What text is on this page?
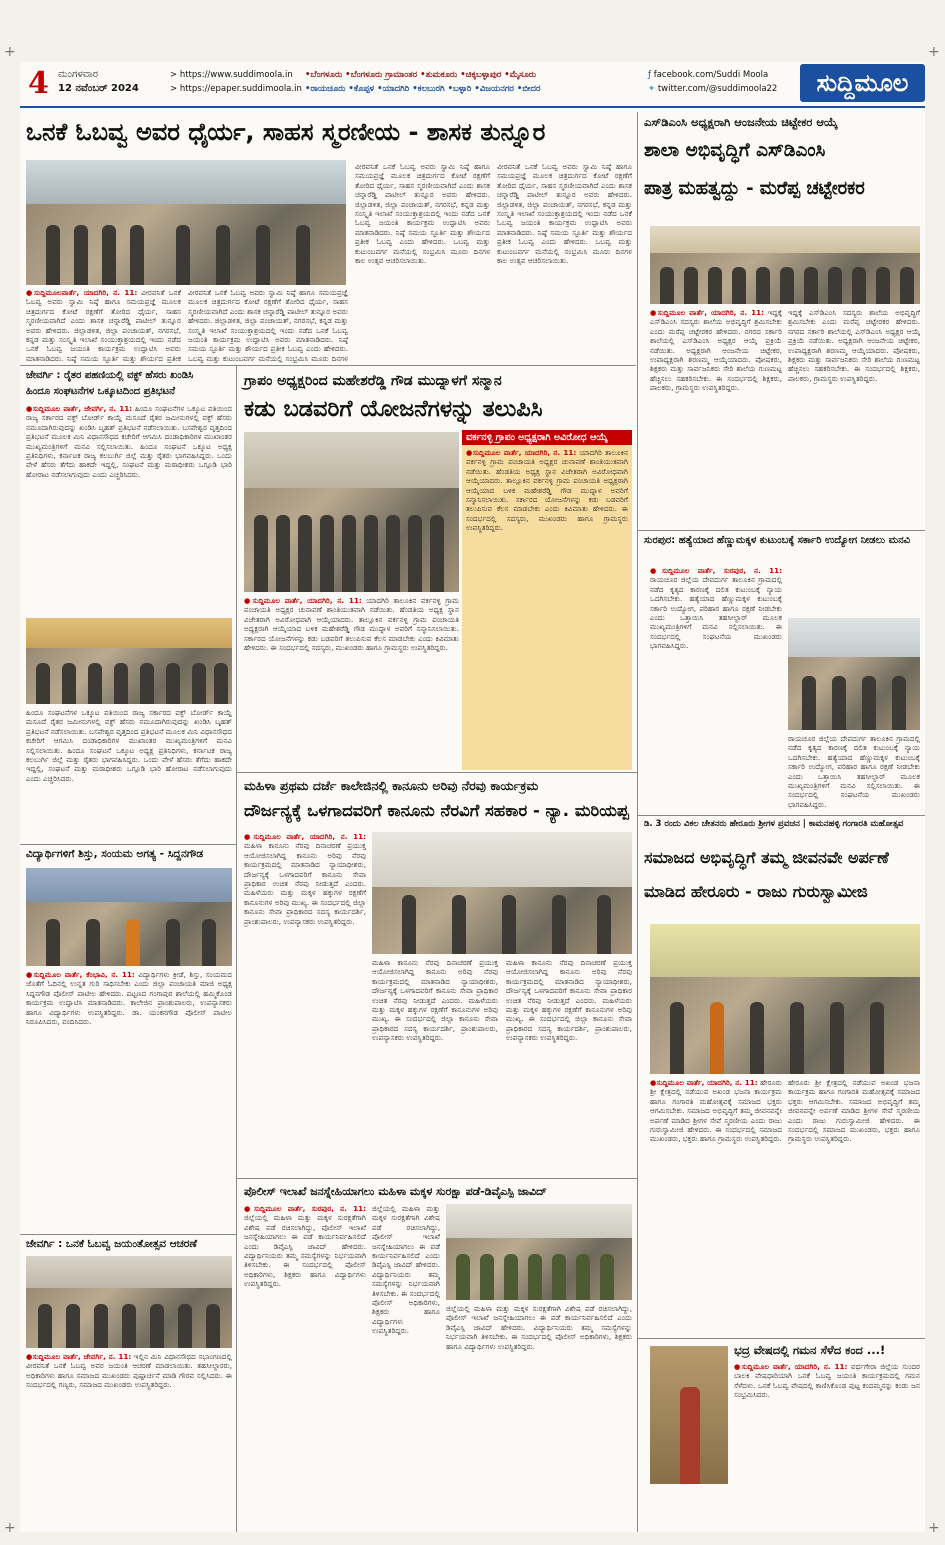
4 ಮಂಗಳವಾರ
12 ನವೆಂಬರ್ 2024
> https://www.suddimoola.in
> https://epaper.suddimoola.in
•ಬೆಂಗಳೂರು •ಬೆಂಗಳೂರು ಗ್ರಾಮಾಂತರ •ತುಮಕೂರು •ಚಿಕ್ಕಬಳ್ಳಾಪುರ •ಮೈಸೂರು
•ರಾಯಚೂರು •ಕೊಪ್ಪಳ •ಯಾದಗಿರಿ •ಕಲಬುರಗಿ •ಬಳ್ಳಾರಿ •ವಿಜಯನಗರ •ಬೀದರ
ƒ facebook.com/Suddi Moola
✦ twitter.com/@suddimoola22	ಸುದ್ದಿಮೂಲ
ಒನಕೆ ಓಬವ್ವ ಅವರ ಧೈರ್ಯ, ಸಾಹಸ ಸ್ಮರಣೀಯ - ಶಾಸಕ ತುನ್ನೂರ
●ಸುದ್ದಿಮೂಲವಾರ್ತೆ, ಯಾದಗಿರಿ, ನ. 11: ವೀರವನಿತೆ ಒನಕೆ ಓಬವ್ವ ಅವರು ಸ್ವಾಮಿ ನಿಷ್ಠೆ ಹಾಗೂ ಸಮಯಪ್ರಜ್ಞೆ ಮೂಲಕ ಚಿತ್ರದುರ್ಗದ ಕೋಟೆ ರಕ್ಷಣೆಗೆ ತೋರಿದ ಧೈರ್ಯ, ಸಾಹಸ ಸ್ಮರಣೀಯವಾಗಿದೆ ಎಂದು ಶಾಸಕ ಚನ್ನಾರೆಡ್ಡಿ ಪಾಟೀಲ್ ತುನ್ನೂರ ಅವರು ಹೇಳಿದರು. ಜಿಲ್ಲಾಡಳಿತ, ಜಿಲ್ಲಾ ಪಂಚಾಯತ್, ನಗರಸಭೆ, ಕನ್ನಡ ಮತ್ತು ಸಂಸ್ಕೃತಿ ಇಲಾಖೆ ಸಂಯುಕ್ತಾಶ್ರಯದಲ್ಲಿ ಇಂದು ನಡೆದ ಒನಕೆ ಓಬವ್ವ ಜಯಂತಿ ಕಾರ್ಯಕ್ರಮ ಉದ್ಘಾಟಿಸಿ ಅವರು ಮಾತನಾಡಿದರು. ನಿಷ್ಠೆ ಸಮಯ ಸ್ಫೂರ್ತಿ ಮತ್ತು ಶೌರ್ಯದ ಪ್ರತೀಕ
ವೀರವನಿತೆ ಒನಕೆ ಓಬವ್ವ ಅವರು ಸ್ವಾಮಿ ನಿಷ್ಠೆ ಹಾಗೂ ಸಮಯಪ್ರಜ್ಞೆ ಮೂಲಕ ಚಿತ್ರದುರ್ಗದ ಕೋಟೆ ರಕ್ಷಣೆಗೆ ತೋರಿದ ಧೈರ್ಯ, ಸಾಹಸ ಸ್ಮರಣೀಯವಾಗಿದೆ ಎಂದು ಶಾಸಕ ಚನ್ನಾರೆಡ್ಡಿ ಪಾಟೀಲ್ ತುನ್ನೂರ ಅವರು ಹೇಳಿದರು. ಜಿಲ್ಲಾಡಳಿತ, ಜಿಲ್ಲಾ ಪಂಚಾಯತ್, ನಗರಸಭೆ, ಕನ್ನಡ ಮತ್ತು ಸಂಸ್ಕೃತಿ ಇಲಾಖೆ ಸಂಯುಕ್ತಾಶ್ರಯದಲ್ಲಿ ಇಂದು ನಡೆದ ಒನಕೆ ಓಬವ್ವ ಜಯಂತಿ ಕಾರ್ಯಕ್ರಮ ಉದ್ಘಾಟಿಸಿ ಅವರು ಮಾತನಾಡಿದರು. ನಿಷ್ಠೆ ಸಮಯ ಸ್ಫೂರ್ತಿ ಮತ್ತು ಶೌರ್ಯದ ಪ್ರತೀಕ ಓಬವ್ವ ಎಂದು ಹೇಳಿದರು. ಒಬವ್ವ ಮತ್ತು ಕುಟುಂಬವರ್ಗ ಮನೆಯಲ್ಲಿ ಸಂಭ್ರಮಿಸಿ ಮೂರು ದಿನಗಳ
ವೀರವನಿತೆ ಒನಕೆ ಓಬವ್ವ ಅವರು ಸ್ವಾಮಿ ನಿಷ್ಠೆ ಹಾಗೂ ಸಮಯಪ್ರಜ್ಞೆ ಮೂಲಕ ಚಿತ್ರದುರ್ಗದ ಕೋಟೆ ರಕ್ಷಣೆಗೆ ತೋರಿದ ಧೈರ್ಯ, ಸಾಹಸ ಸ್ಮರಣೀಯವಾಗಿದೆ ಎಂದು ಶಾಸಕ ಚನ್ನಾರೆಡ್ಡಿ ಪಾಟೀಲ್ ತುನ್ನೂರ ಅವರು ಹೇಳಿದರು. ಜಿಲ್ಲಾಡಳಿತ, ಜಿಲ್ಲಾ ಪಂಚಾಯತ್, ನಗರಸಭೆ, ಕನ್ನಡ ಮತ್ತು ಸಂಸ್ಕೃತಿ ಇಲಾಖೆ ಸಂಯುಕ್ತಾಶ್ರಯದಲ್ಲಿ ಇಂದು ನಡೆದ ಒನಕೆ ಓಬವ್ವ ಜಯಂತಿ ಕಾರ್ಯಕ್ರಮ ಉದ್ಘಾಟಿಸಿ ಅವರು ಮಾತನಾಡಿದರು. ನಿಷ್ಠೆ ಸಮಯ ಸ್ಫೂರ್ತಿ ಮತ್ತು ಶೌರ್ಯದ ಪ್ರತೀಕ ಓಬವ್ವ ಎಂದು ಹೇಳಿದರು. ಒಬವ್ವ ಮತ್ತು ಕುಟುಂಬವರ್ಗ ಮನೆಯಲ್ಲಿ ಸಂಭ್ರಮಿಸಿ ಮೂರು ದಿನಗಳ ಕಾಲ ಉತ್ಸವ ಆಚರಿಸಲಾಯಿತು.
ವೀರವನಿತೆ ಒನಕೆ ಓಬವ್ವ ಅವರು ಸ್ವಾಮಿ ನಿಷ್ಠೆ ಹಾಗೂ ಸಮಯಪ್ರಜ್ಞೆ ಮೂಲಕ ಚಿತ್ರದುರ್ಗದ ಕೋಟೆ ರಕ್ಷಣೆಗೆ ತೋರಿದ ಧೈರ್ಯ, ಸಾಹಸ ಸ್ಮರಣೀಯವಾಗಿದೆ ಎಂದು ಶಾಸಕ ಚನ್ನಾರೆಡ್ಡಿ ಪಾಟೀಲ್ ತುನ್ನೂರ ಅವರು ಹೇಳಿದರು. ಜಿಲ್ಲಾಡಳಿತ, ಜಿಲ್ಲಾ ಪಂಚಾಯತ್, ನಗರಸಭೆ, ಕನ್ನಡ ಮತ್ತು ಸಂಸ್ಕೃತಿ ಇಲಾಖೆ ಸಂಯುಕ್ತಾಶ್ರಯದಲ್ಲಿ ಇಂದು ನಡೆದ ಒನಕೆ ಓಬವ್ವ ಜಯಂತಿ ಕಾರ್ಯಕ್ರಮ ಉದ್ಘಾಟಿಸಿ ಅವರು ಮಾತನಾಡಿದರು. ನಿಷ್ಠೆ ಸಮಯ ಸ್ಫೂರ್ತಿ ಮತ್ತು ಶೌರ್ಯದ ಪ್ರತೀಕ ಓಬವ್ವ ಎಂದು ಹೇಳಿದರು. ಒಬವ್ವ ಮತ್ತು ಕುಟುಂಬವರ್ಗ ಮನೆಯಲ್ಲಿ ಸಂಭ್ರಮಿಸಿ ಮೂರು ದಿನಗಳ ಕಾಲ ಉತ್ಸವ ಆಚರಿಸಲಾಯಿತು.
ಎಸ್‌ಡಿಎಂಸಿ ಅಧ್ಯಕ್ಷರಾಗಿ ಆಂಜನೇಯ ಚಿಟ್ಟೇಕರ ಆಯ್ಕೆ
ಶಾಲಾ ಅಭಿವೃದ್ಧಿಗೆ ಎಸ್‌ಡಿಎಂಸಿ
ಪಾತ್ರ ಮಹತ್ವದ್ದು - ಮರೆಪ್ಪ ಚಟ್ಟೇರಕರ
●ಸುದ್ದಿಮೂಲ ವಾರ್ತೆ, ಯಾದಗಿರಿ, ನ. 11: ಇದ್ದಕ್ಕೆ ಎಸ್‌ಡಿಎಂಸಿ ಸದಸ್ಯರು ಶಾಲೆಯ ಅಭಿವೃದ್ಧಿಗೆ ಶ್ರಮಿಸಬೇಕು ಎಂದು ಮರೆಪ್ಪ ಚಟ್ಟೇರಕರ ಹೇಳಿದರು. ನಗರದ ಸರ್ಕಾರಿ ಶಾಲೆಯಲ್ಲಿ ಎಸ್‌ಡಿಎಂಸಿ ಅಧ್ಯಕ್ಷರ ಆಯ್ಕೆ ಪ್ರಕ್ರಿಯೆ ನಡೆಯಿತು. ಅಧ್ಯಕ್ಷರಾಗಿ ಆಂಜನೇಯ ಚಿಟ್ಟೇಕರ, ಉಪಾಧ್ಯಕ್ಷರಾಗಿ ಶರಣಮ್ಮ ಆಯ್ಕೆಯಾದರು. ಪೋಷಕರು, ಶಿಕ್ಷಕರು ಮತ್ತು ಸಾರ್ವಜನಿಕರು ಸೇರಿ ಶಾಲೆಯ ಗುಣಮಟ್ಟ ಹೆಚ್ಚಿಸಲು ಸಹಕರಿಸಬೇಕು. ಈ ಸಂದರ್ಭದಲ್ಲಿ ಶಿಕ್ಷಕರು, ಪಾಲಕರು, ಗ್ರಾಮಸ್ಥರು ಉಪಸ್ಥಿತರಿದ್ದರು.
ಇದ್ದಕ್ಕೆ ಎಸ್‌ಡಿಎಂಸಿ ಸದಸ್ಯರು ಶಾಲೆಯ ಅಭಿವೃದ್ಧಿಗೆ ಶ್ರಮಿಸಬೇಕು ಎಂದು ಮರೆಪ್ಪ ಚಟ್ಟೇರಕರ ಹೇಳಿದರು. ನಗರದ ಸರ್ಕಾರಿ ಶಾಲೆಯಲ್ಲಿ ಎಸ್‌ಡಿಎಂಸಿ ಅಧ್ಯಕ್ಷರ ಆಯ್ಕೆ ಪ್ರಕ್ರಿಯೆ ನಡೆಯಿತು. ಅಧ್ಯಕ್ಷರಾಗಿ ಆಂಜನೇಯ ಚಿಟ್ಟೇಕರ, ಉಪಾಧ್ಯಕ್ಷರಾಗಿ ಶರಣಮ್ಮ ಆಯ್ಕೆಯಾದರು. ಪೋಷಕರು, ಶಿಕ್ಷಕರು ಮತ್ತು ಸಾರ್ವಜನಿಕರು ಸೇರಿ ಶಾಲೆಯ ಗುಣಮಟ್ಟ ಹೆಚ್ಚಿಸಲು ಸಹಕರಿಸಬೇಕು. ಈ ಸಂದರ್ಭದಲ್ಲಿ ಶಿಕ್ಷಕರು, ಪಾಲಕರು, ಗ್ರಾಮಸ್ಥರು ಉಪಸ್ಥಿತರಿದ್ದರು.
ಜೇವರ್ಗಿ : ರೈತರ ಪಹಣಿಯಲ್ಲಿ ವಕ್ಫ್ ಹೆಸರು ಖಂಡಿಸಿ
ಹಿಂದೂ ಸಂಘಟನೆಗಳ ಒಕ್ಕೂಟದಿಂದ ಪ್ರತಿಭಟನೆ
●ಸುದ್ದಿಮೂಲ ವಾರ್ತೆ, ಜೇವರ್ಗಿ, ನ. 11: ಹಿಂದೂ ಸಂಘಟನೆಗಳ ಒಕ್ಕೂಟ ವತಿಯಿಂದ ರಾಜ್ಯ ಸರ್ಕಾರದ ವಕ್ಫ್ ಬೋರ್ಡ್ ಕಾಯ್ದೆ ಮಸೂದೆ ರೈತರ ಜಮೀನುಗಳಲ್ಲಿ ವಕ್ಫ್ ಹೆಸರು ನಮೂದಾಗಿರುವುದನ್ನು ಖಂಡಿಸಿ ಬೃಹತ್ ಪ್ರತಿಭಟನೆ ನಡೆಸಲಾಯಿತು. ಬಸವೇಶ್ವರ ವೃತ್ತದಿಂದ ಪ್ರತಿಭಟನೆ ಮೂಲಕ ಮಿನಿ ವಿಧಾನಸೌಧದ ಕಚೇರಿಗೆ ಆಗಮಿಸಿ ದಂಡಾಧಿಕಾರಿಗಳ ಮುಖಾಂತರ ಮುಖ್ಯಮಂತ್ರಿಗಳಿಗೆ ಮನವಿ ಸಲ್ಲಿಸಲಾಯಿತು. ಹಿಂದೂ ಸಂಘಟನೆ ಒಕ್ಕೂಟ ಅಧ್ಯಕ್ಷ ಪ್ರತಿನಿಧಿಗಳು, ಕರ್ನಾಟಕ ರಾಜ್ಯ ಕಲಬುರ್ಗಿ ಜಿಲ್ಲೆ ಮತ್ತು ರೈತರು ಭಾಗವಹಿಸಿದ್ದರು. ಒಂದು ವೇಳೆ ಹೆಸರು ತೆಗೆದು ಹಾಕದೇ ಇದ್ದಲ್ಲಿ, ಸಂಘಟನೆ ಮತ್ತು ಮಠಾಧೀಶರು ಒಗ್ಗೂಡಿ ಭಾರಿ ಹೋರಾಟ ನಡೆಸಲಾಗುವುದು ಎಂದು ಎಚ್ಚರಿಸಿದರು.
ಹಿಂದೂ ಸಂಘಟನೆಗಳ ಒಕ್ಕೂಟ ವತಿಯಿಂದ ರಾಜ್ಯ ಸರ್ಕಾರದ ವಕ್ಫ್ ಬೋರ್ಡ್ ಕಾಯ್ದೆ ಮಸೂದೆ ರೈತರ ಜಮೀನುಗಳಲ್ಲಿ ವಕ್ಫ್ ಹೆಸರು ನಮೂದಾಗಿರುವುದನ್ನು ಖಂಡಿಸಿ ಬೃಹತ್ ಪ್ರತಿಭಟನೆ ನಡೆಸಲಾಯಿತು. ಬಸವೇಶ್ವರ ವೃತ್ತದಿಂದ ಪ್ರತಿಭಟನೆ ಮೂಲಕ ಮಿನಿ ವಿಧಾನಸೌಧದ ಕಚೇರಿಗೆ ಆಗಮಿಸಿ ದಂಡಾಧಿಕಾರಿಗಳ ಮುಖಾಂತರ ಮುಖ್ಯಮಂತ್ರಿಗಳಿಗೆ ಮನವಿ ಸಲ್ಲಿಸಲಾಯಿತು. ಹಿಂದೂ ಸಂಘಟನೆ ಒಕ್ಕೂಟ ಅಧ್ಯಕ್ಷ ಪ್ರತಿನಿಧಿಗಳು, ಕರ್ನಾಟಕ ರಾಜ್ಯ ಕಲಬುರ್ಗಿ ಜಿಲ್ಲೆ ಮತ್ತು ರೈತರು ಭಾಗವಹಿಸಿದ್ದರು. ಒಂದು ವೇಳೆ ಹೆಸರು ತೆಗೆದು ಹಾಕದೇ ಇದ್ದಲ್ಲಿ, ಸಂಘಟನೆ ಮತ್ತು ಮಠಾಧೀಶರು ಒಗ್ಗೂಡಿ ಭಾರಿ ಹೋರಾಟ ನಡೆಸಲಾಗುವುದು ಎಂದು ಎಚ್ಚರಿಸಿದರು.
ಗ್ರಾಪಂ ಅಧ್ಯಕ್ಷರಿಂದ ಮಹೇಶರೆಡ್ಡಿ ಗೌಡ ಮುದ್ನಾಳಗೆ ಸನ್ಮಾನ
ಕಡು ಬಡವರಿಗೆ ಯೋಜನೆಗಳನ್ನು ತಲುಪಿಸಿ
ವರ್ಕನಳ್ಳಿ ಗ್ರಾಪಂ ಅಧ್ಯಕ್ಷರಾಗಿ ಅವಿರೋಧ ಆಯ್ಕೆ
●ಸುದ್ದಿಮೂಲ ವಾರ್ತೆ, ಯಾದಗಿರಿ, ನ. 11: ಯಾದಗಿರಿ ತಾಲೂಕಿನ ವರ್ಕನಳ್ಳಿ ಗ್ರಾಮ ಪಂಚಾಯತಿ ಅಧ್ಯಕ್ಷರ ಚುನಾವಣೆ ಶಾಂತಿಯುತವಾಗಿ ನಡೆಯಿತು. ಹೆಂಡತಿಯ ಅಧ್ಯಕ್ಷ ಸ್ಥಾನ ವಿಜೇತರಾಗಿ ಅವಿರೋಧವಾಗಿ ಆಯ್ಕೆಯಾದರು. ತಾಲ್ಲೂಕಿನ ವರ್ಕನಳ್ಳಿ ಗ್ರಾಮ ಪಂಚಾಯತಿ ಅಧ್ಯಕ್ಷರಾಗಿ ಆಯ್ಕೆಯಾದ ಬಳಿಕ ಮಹೇಶರೆಡ್ಡಿ ಗೌಡ ಮುದ್ನಾಳ ಅವರಿಗೆ ಸನ್ಮಾನಿಸಲಾಯಿತು. ಸರ್ಕಾರದ ಯೋಜನೆಗಳನ್ನು ಕಡು ಬಡವರಿಗೆ ತಲುಪಿಸುವ ಕೆಲಸ ಮಾಡಬೇಕು ಎಂದು ಕಿವಿಮಾತು ಹೇಳಿದರು. ಈ ಸಂದರ್ಭದಲ್ಲಿ ಸದಸ್ಯರು, ಮುಖಂಡರು ಹಾಗೂ ಗ್ರಾಮಸ್ಥರು ಉಪಸ್ಥಿತರಿದ್ದರು.
●ಸುದ್ದಿಮೂಲ ವಾರ್ತೆ, ಯಾದಗಿರಿ, ನ. 11: ಯಾದಗಿರಿ ತಾಲೂಕಿನ ವರ್ಕನಳ್ಳಿ ಗ್ರಾಮ ಪಂಚಾಯತಿ ಅಧ್ಯಕ್ಷರ ಚುನಾವಣೆ ಶಾಂತಿಯುತವಾಗಿ ನಡೆಯಿತು. ಹೆಂಡತಿಯ ಅಧ್ಯಕ್ಷ ಸ್ಥಾನ ವಿಜೇತರಾಗಿ ಅವಿರೋಧವಾಗಿ ಆಯ್ಕೆಯಾದರು. ತಾಲ್ಲೂಕಿನ ವರ್ಕನಳ್ಳಿ ಗ್ರಾಮ ಪಂಚಾಯತಿ ಅಧ್ಯಕ್ಷರಾಗಿ ಆಯ್ಕೆಯಾದ ಬಳಿಕ ಮಹೇಶರೆಡ್ಡಿ ಗೌಡ ಮುದ್ನಾಳ ಅವರಿಗೆ ಸನ್ಮಾನಿಸಲಾಯಿತು. ಸರ್ಕಾರದ ಯೋಜನೆಗಳನ್ನು ಕಡು ಬಡವರಿಗೆ ತಲುಪಿಸುವ ಕೆಲಸ ಮಾಡಬೇಕು ಎಂದು ಕಿವಿಮಾತು ಹೇಳಿದರು. ಈ ಸಂದರ್ಭದಲ್ಲಿ ಸದಸ್ಯರು, ಮುಖಂಡರು ಹಾಗೂ ಗ್ರಾಮಸ್ಥರು ಉಪಸ್ಥಿತರಿದ್ದರು.
ಸುರಪುರ: ಹತ್ಯೆಯಾದ ಹೆಣ್ಣುಮಕ್ಕಳ ಕುಟುಂಬಕ್ಕೆ ಸರ್ಕಾರಿ ಉದ್ಯೋಗ ನೀಡಲು ಮನವಿ
●ಸುದ್ದಿಮೂಲ ವಾರ್ತೆ, ಸುರಪುರ, ನ. 11: ರಾಯಚೂರ ಜಿಲ್ಲೆಯ ದೇವದುರ್ಗ ತಾಲೂಕಿನ ಗ್ರಾಮದಲ್ಲಿ ನಡೆದ ಕೃತ್ಯದ ಕಾರಣಕ್ಕೆ ದಲಿತ ಕುಟುಂಬಕ್ಕೆ ನ್ಯಾಯ ಒದಗಿಸಬೇಕು. ಹತ್ಯೆಯಾದ ಹೆಣ್ಣುಮಕ್ಕಳ ಕುಟುಂಬಕ್ಕೆ ಸರ್ಕಾರಿ ಉದ್ಯೋಗ, ಪರಿಹಾರ ಹಾಗೂ ರಕ್ಷಣೆ ನೀಡಬೇಕು ಎಂದು ಒತ್ತಾಯಿಸಿ ತಹಸೀಲ್ದಾರ್ ಮೂಲಕ ಮುಖ್ಯಮಂತ್ರಿಗಳಿಗೆ ಮನವಿ ಸಲ್ಲಿಸಲಾಯಿತು. ಈ ಸಂದರ್ಭದಲ್ಲಿ ಸಂಘಟನೆಯ ಮುಖಂಡರು ಭಾಗವಹಿಸಿದ್ದರು.
ರಾಯಚೂರ ಜಿಲ್ಲೆಯ ದೇವದುರ್ಗ ತಾಲೂಕಿನ ಗ್ರಾಮದಲ್ಲಿ ನಡೆದ ಕೃತ್ಯದ ಕಾರಣಕ್ಕೆ ದಲಿತ ಕುಟುಂಬಕ್ಕೆ ನ್ಯಾಯ ಒದಗಿಸಬೇಕು. ಹತ್ಯೆಯಾದ ಹೆಣ್ಣುಮಕ್ಕಳ ಕುಟುಂಬಕ್ಕೆ ಸರ್ಕಾರಿ ಉದ್ಯೋಗ, ಪರಿಹಾರ ಹಾಗೂ ರಕ್ಷಣೆ ನೀಡಬೇಕು ಎಂದು ಒತ್ತಾಯಿಸಿ ತಹಸೀಲ್ದಾರ್ ಮೂಲಕ ಮುಖ್ಯಮಂತ್ರಿಗಳಿಗೆ ಮನವಿ ಸಲ್ಲಿಸಲಾಯಿತು. ಈ ಸಂದರ್ಭದಲ್ಲಿ ಸಂಘಟನೆಯ ಮುಖಂಡರು ಭಾಗವಹಿಸಿದ್ದರು.
ವಿದ್ಯಾರ್ಥಿಗಳಿಗೆ ಶಿಸ್ತು, ಸಂಯಮ ಅಗತ್ಯ - ಸಿದ್ದನಗೌಡ
●ಸುದ್ದಿಮೂಲ ವಾರ್ತೆ, ಕೆಂಭಾವಿ, ನ. 11: ವಿದ್ಯಾರ್ಥಿಗಳು ಕ್ರೀಡೆ, ಶಿಸ್ತು, ಸಂಯಮದ ಜೊತೆಗೆ ಓದಿನಲ್ಲಿ ಉನ್ನತ ಗುರಿ ಸಾಧಿಸಬೇಕು ಎಂದು ಜಿಲ್ಲಾ ಪಂಚಾಯತಿ ಮಾಜಿ ಅಧ್ಯಕ್ಷ ಸಿದ್ದನಗೌಡ ಪೊಲೀಸ್ ಪಾಟೀಲ ಹೇಳಿದರು. ಪಟ್ಟಣದ ಗಂಗಾಪುರ ಶಾಲೆಯಲ್ಲಿ ಹಮ್ಮಿಕೊಂಡ ಕಾರ್ಯಕ್ರಮ ಉದ್ಘಾಟಿಸಿ ಮಾತನಾಡಿದರು. ಕಾಲೇಜಿನ ಪ್ರಾಂಶುಪಾಲರು, ಉಪನ್ಯಾಸಕರು ಹಾಗೂ ವಿದ್ಯಾರ್ಥಿಗಳು ಉಪಸ್ಥಿತರಿದ್ದರು. ಡಾ. ಯಂಕನಗೌಡ ಪೊಲೀಸ್ ಪಾಟೀಲ ನಿರೂಪಿಸಿದರು, ವಂದಿಸಿದರು.
ಜೇವರ್ಗಿ : ಒನಕೆ ಓಬವ್ವ ಜಯಂತೋತ್ಸವ ಆಚರಣೆ
●ಸುದ್ದಿಮೂಲ ವಾರ್ತೆ, ಜೇವರ್ಗಿ, ನ. 11: ಇಲ್ಲಿನ ಮಿನಿ ವಿಧಾನಸೌಧದ ಸಭಾಂಗಣದಲ್ಲಿ ವೀರವನಿತೆ ಒನಕೆ ಓಬವ್ವ ಅವರ ಜಯಂತಿ ಆಚರಣೆ ಮಾಡಲಾಯಿತು. ತಹಸೀಲ್ದಾರರು, ಅಧಿಕಾರಿಗಳು ಹಾಗೂ ಸಮಾಜದ ಮುಖಂಡರು ಪುಷ್ಪಾರ್ಚನೆ ಮಾಡಿ ಗೌರವ ಸಲ್ಲಿಸಿದರು. ಈ ಸಂದರ್ಭದಲ್ಲಿ ಗಣ್ಯರು, ಸಮಾಜದ ಮುಖಂಡರು ಉಪಸ್ಥಿತರಿದ್ದರು.
ಮಹಿಳಾ ಪ್ರಥಮ ದರ್ಜೆ ಕಾಲೇಜಿನಲ್ಲಿ ಕಾನೂನು ಅರಿವು ನೆರವು ಕಾರ್ಯಕ್ರಮ
ದೌರ್ಜನ್ಯಕ್ಕೆ ಒಳಗಾದವರಿಗೆ ಕಾನೂನು ನೆರವಿಗೆ ಸಹಕಾರ - ನ್ಯಾ. ಮರಿಯಪ್ಪ
●ಸುದ್ದಿಮೂಲ ವಾರ್ತೆ, ಯಾದಗಿರಿ, ನ. 11: ಮಹಿಳಾ ಕಾನೂನು ನೆರವು ದಿನಾಚರಣೆ ಪ್ರಯುಕ್ತ ಆಯೋಜಿಸಲಾಗಿದ್ದ ಕಾನೂನು ಅರಿವು ನೆರವು ಕಾರ್ಯಕ್ರಮದಲ್ಲಿ ಮಾತನಾಡಿದ ನ್ಯಾಯಾಧೀಶರು, ದೌರ್ಜನ್ಯಕ್ಕೆ ಒಳಗಾದವರಿಗೆ ಕಾನೂನು ಸೇವಾ ಪ್ರಾಧಿಕಾರ ಉಚಿತ ನೆರವು ನೀಡುತ್ತದೆ ಎಂದರು. ಮಹಿಳೆಯರು ಮತ್ತು ಮಕ್ಕಳ ಹಕ್ಕುಗಳ ರಕ್ಷಣೆಗೆ ಕಾನೂನುಗಳ ಅರಿವು ಮುಖ್ಯ. ಈ ಸಂದರ್ಭದಲ್ಲಿ ಜಿಲ್ಲಾ ಕಾನೂನು ಸೇವಾ ಪ್ರಾಧಿಕಾರದ ಸದಸ್ಯ ಕಾರ್ಯದರ್ಶಿ, ಪ್ರಾಂಶುಪಾಲರು, ಉಪನ್ಯಾಸಕರು ಉಪಸ್ಥಿತರಿದ್ದರು.
ಮಹಿಳಾ ಕಾನೂನು ನೆರವು ದಿನಾಚರಣೆ ಪ್ರಯುಕ್ತ ಆಯೋಜಿಸಲಾಗಿದ್ದ ಕಾನೂನು ಅರಿವು ನೆರವು ಕಾರ್ಯಕ್ರಮದಲ್ಲಿ ಮಾತನಾಡಿದ ನ್ಯಾಯಾಧೀಶರು, ದೌರ್ಜನ್ಯಕ್ಕೆ ಒಳಗಾದವರಿಗೆ ಕಾನೂನು ಸೇವಾ ಪ್ರಾಧಿಕಾರ ಉಚಿತ ನೆರವು ನೀಡುತ್ತದೆ ಎಂದರು. ಮಹಿಳೆಯರು ಮತ್ತು ಮಕ್ಕಳ ಹಕ್ಕುಗಳ ರಕ್ಷಣೆಗೆ ಕಾನೂನುಗಳ ಅರಿವು ಮುಖ್ಯ. ಈ ಸಂದರ್ಭದಲ್ಲಿ ಜಿಲ್ಲಾ ಕಾನೂನು ಸೇವಾ ಪ್ರಾಧಿಕಾರದ ಸದಸ್ಯ ಕಾರ್ಯದರ್ಶಿ, ಪ್ರಾಂಶುಪಾಲರು, ಉಪನ್ಯಾಸಕರು ಉಪಸ್ಥಿತರಿದ್ದರು.
ಮಹಿಳಾ ಕಾನೂನು ನೆರವು ದಿನಾಚರಣೆ ಪ್ರಯುಕ್ತ ಆಯೋಜಿಸಲಾಗಿದ್ದ ಕಾನೂನು ಅರಿವು ನೆರವು ಕಾರ್ಯಕ್ರಮದಲ್ಲಿ ಮಾತನಾಡಿದ ನ್ಯಾಯಾಧೀಶರು, ದೌರ್ಜನ್ಯಕ್ಕೆ ಒಳಗಾದವರಿಗೆ ಕಾನೂನು ಸೇವಾ ಪ್ರಾಧಿಕಾರ ಉಚಿತ ನೆರವು ನೀಡುತ್ತದೆ ಎಂದರು. ಮಹಿಳೆಯರು ಮತ್ತು ಮಕ್ಕಳ ಹಕ್ಕುಗಳ ರಕ್ಷಣೆಗೆ ಕಾನೂನುಗಳ ಅರಿವು ಮುಖ್ಯ. ಈ ಸಂದರ್ಭದಲ್ಲಿ ಜಿಲ್ಲಾ ಕಾನೂನು ಸೇವಾ ಪ್ರಾಧಿಕಾರದ ಸದಸ್ಯ ಕಾರ್ಯದರ್ಶಿ, ಪ್ರಾಂಶುಪಾಲರು, ಉಪನ್ಯಾಸಕರು ಉಪಸ್ಥಿತರಿದ್ದರು.
ಪೊಲೀಸ್ ಇಲಾಖೆ ಜನಸ್ನೇಹಿಯಾಗಲು ಮಹಿಳಾ ಮಕ್ಕಳ ಸುರಕ್ಷಾ ಪಡೆ-ಡಿವೈಎಸ್ಪಿ ಜಾವಿದ್
●ಸುದ್ದಿಮೂಲ ವಾರ್ತೆ, ಸುರಪುರ, ನ. 11: ಜಿಲ್ಲೆಯಲ್ಲಿ ಮಹಿಳಾ ಮತ್ತು ಮಕ್ಕಳ ಸುರಕ್ಷತೆಗಾಗಿ ವಿಶೇಷ ಪಡೆ ರಚಿಸಲಾಗಿದ್ದು, ಪೊಲೀಸ್ ಇಲಾಖೆ ಜನಸ್ನೇಹಿಯಾಗಲು ಈ ಪಡೆ ಕಾರ್ಯನಿರ್ವಹಿಸಲಿದೆ ಎಂದು ಡಿವೈಎಸ್ಪಿ ಜಾವಿದ್ ಹೇಳಿದರು. ವಿದ್ಯಾರ್ಥಿನಿಯರು ತಮ್ಮ ಸಮಸ್ಯೆಗಳನ್ನು ನಿರ್ಭಯವಾಗಿ ತಿಳಿಸಬೇಕು. ಈ ಸಂದರ್ಭದಲ್ಲಿ ಪೊಲೀಸ್ ಅಧಿಕಾರಿಗಳು, ಶಿಕ್ಷಕರು ಹಾಗೂ ವಿದ್ಯಾರ್ಥಿಗಳು ಉಪಸ್ಥಿತರಿದ್ದರು.
ಜಿಲ್ಲೆಯಲ್ಲಿ ಮಹಿಳಾ ಮತ್ತು ಮಕ್ಕಳ ಸುರಕ್ಷತೆಗಾಗಿ ವಿಶೇಷ ಪಡೆ ರಚಿಸಲಾಗಿದ್ದು, ಪೊಲೀಸ್ ಇಲಾಖೆ ಜನಸ್ನೇಹಿಯಾಗಲು ಈ ಪಡೆ ಕಾರ್ಯನಿರ್ವಹಿಸಲಿದೆ ಎಂದು ಡಿವೈಎಸ್ಪಿ ಜಾವಿದ್ ಹೇಳಿದರು. ವಿದ್ಯಾರ್ಥಿನಿಯರು ತಮ್ಮ ಸಮಸ್ಯೆಗಳನ್ನು ನಿರ್ಭಯವಾಗಿ ತಿಳಿಸಬೇಕು. ಈ ಸಂದರ್ಭದಲ್ಲಿ ಪೊಲೀಸ್ ಅಧಿಕಾರಿಗಳು, ಶಿಕ್ಷಕರು ಹಾಗೂ ವಿದ್ಯಾರ್ಥಿಗಳು ಉಪಸ್ಥಿತರಿದ್ದರು.
ಜಿಲ್ಲೆಯಲ್ಲಿ ಮಹಿಳಾ ಮತ್ತು ಮಕ್ಕಳ ಸುರಕ್ಷತೆಗಾಗಿ ವಿಶೇಷ ಪಡೆ ರಚಿಸಲಾಗಿದ್ದು, ಪೊಲೀಸ್ ಇಲಾಖೆ ಜನಸ್ನೇಹಿಯಾಗಲು ಈ ಪಡೆ ಕಾರ್ಯನಿರ್ವಹಿಸಲಿದೆ ಎಂದು ಡಿವೈಎಸ್ಪಿ ಜಾವಿದ್ ಹೇಳಿದರು. ವಿದ್ಯಾರ್ಥಿನಿಯರು ತಮ್ಮ ಸಮಸ್ಯೆಗಳನ್ನು ನಿರ್ಭಯವಾಗಿ ತಿಳಿಸಬೇಕು. ಈ ಸಂದರ್ಭದಲ್ಲಿ ಪೊಲೀಸ್ ಅಧಿಕಾರಿಗಳು, ಶಿಕ್ಷಕರು ಹಾಗೂ ವಿದ್ಯಾರ್ಥಿಗಳು ಉಪಸ್ಥಿತರಿದ್ದರು.
ಡಿ. 3 ರಂದು ವಿಕಲ ಚೇತನರು ಹೇರೂರು ಶ್ರೀಗಳ ಪ್ರವಚನ | ಕಾಮನಹಳ್ಳಿ ಗಂಗಾರತಿ ಮಹೋತ್ಸವ
ಸಮಾಜದ ಅಭಿವೃದ್ಧಿಗೆ ತಮ್ಮ ಜೀವನವೇ ಅರ್ಪಣೆ
ಮಾಡಿದ ಹೇರೂರು - ರಾಜು ಗುರುಸ್ವಾಮೀಜಿ
●ಸುದ್ದಿಮೂಲ ವಾರ್ತೆ, ಯಾದಗಿರಿ, ನ. 11: ಹೇರೂರು ಶ್ರೀ ಕ್ಷೇತ್ರದಲ್ಲಿ ನಡೆಯುವ ಅಖಂಡ ಭಜನಾ ಕಾರ್ಯಕ್ರಮ ಹಾಗೂ ಗಂಗಾರತಿ ಮಹೋತ್ಸವಕ್ಕೆ ಸಮಾಜದ ಭಕ್ತರು ಆಗಮಿಸಬೇಕು. ಸಮಾಜದ ಅಭಿವೃದ್ಧಿಗೆ ತಮ್ಮ ಜೀವನವನ್ನೇ ಅರ್ಪಣೆ ಮಾಡಿದ ಶ್ರೀಗಳ ಸೇವೆ ಸ್ಮರಣೀಯ ಎಂದು ರಾಜು ಗುರುಸ್ವಾಮೀಜಿ ಹೇಳಿದರು. ಈ ಸಂದರ್ಭದಲ್ಲಿ ಸಮಾಜದ ಮುಖಂಡರು, ಭಕ್ತರು ಹಾಗೂ ಗ್ರಾಮಸ್ಥರು ಉಪಸ್ಥಿತರಿದ್ದರು.
ಹೇರೂರು ಶ್ರೀ ಕ್ಷೇತ್ರದಲ್ಲಿ ನಡೆಯುವ ಅಖಂಡ ಭಜನಾ ಕಾರ್ಯಕ್ರಮ ಹಾಗೂ ಗಂಗಾರತಿ ಮಹೋತ್ಸವಕ್ಕೆ ಸಮಾಜದ ಭಕ್ತರು ಆಗಮಿಸಬೇಕು. ಸಮಾಜದ ಅಭಿವೃದ್ಧಿಗೆ ತಮ್ಮ ಜೀವನವನ್ನೇ ಅರ್ಪಣೆ ಮಾಡಿದ ಶ್ರೀಗಳ ಸೇವೆ ಸ್ಮರಣೀಯ ಎಂದು ರಾಜು ಗುರುಸ್ವಾಮೀಜಿ ಹೇಳಿದರು. ಈ ಸಂದರ್ಭದಲ್ಲಿ ಸಮಾಜದ ಮುಖಂಡರು, ಭಕ್ತರು ಹಾಗೂ ಗ್ರಾಮಸ್ಥರು ಉಪಸ್ಥಿತರಿದ್ದರು.
ಭದ್ರ ವೇಷದಲ್ಲಿ ಗಮನ ಸೆಳೆದ ಕಂದ ...!
●ಸುದ್ದಿಮೂಲ ವಾರ್ತೆ, ಯಾದಗಿರಿ, ನ. 11: ವರ್ಧಗೇರಾ ಜಿಲ್ಲೆಯ ಸುಂದರ ಬಾಲಕಿ ವೇಷಧಾರಿಯಾಗಿ ಒನಕೆ ಓಬವ್ವ ಜಯಂತಿ ಕಾರ್ಯಕ್ರಮದಲ್ಲಿ ಗಮನ ಸೆಳೆದಳು. ಒನಕೆ ಓಬವ್ವ ವೇಷದಲ್ಲಿ ಕಾಣಿಸಿಕೊಂಡ ಪುಟ್ಟ ಕಂದಮ್ಮನನ್ನು ಕಂಡು ಜನ ಸಂಭ್ರಮಿಸಿದರು.
+	+
+	+
